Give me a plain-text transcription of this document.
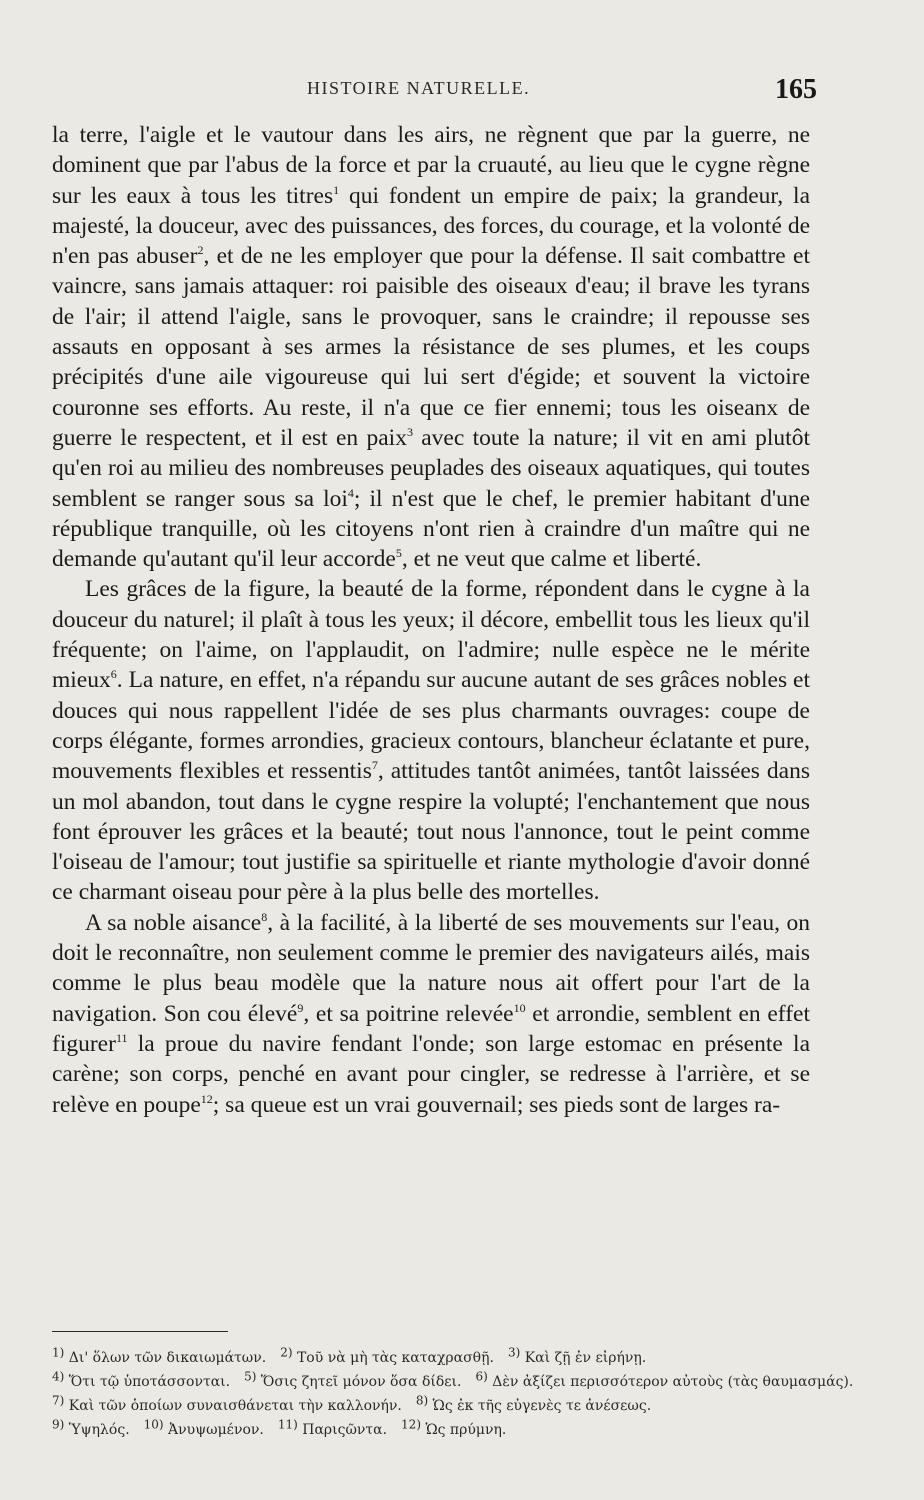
HISTOIRE NATURELLE.	165

la terre, l'aigle et le vautour dans les airs, ne règnent que par la guerre, ne dominent que par l'abus de la force et par la cruauté, au lieu que le cygne règne sur les eaux à tous les titres$^1$ qui fondent un empire de paix; la grandeur, la majesté, la douceur, avec des puissances, des forces, du courage, et la volonté de n'en pas abuser$^2$, et de ne les employer que pour la défense. Il sait combattre et vaincre, sans jamais attaquer: roi paisible des oiseaux d'eau; il brave les tyrans de l'air; il attend l'aigle, sans le provoquer, sans le craindre; il repousse ses assauts en opposant à ses armes la résistance de ses plumes, et les coups précipités d'une aile vigoureuse qui lui sert d'égide; et souvent la victoire couronne ses efforts. Au reste, il n'a que ce fier ennemi; tous les oiseanx de guerre le respectent, et il est en paix$^3$ avec toute la nature; il vit en ami plutôt qu'en roi au milieu des nombreuses peuplades des oiseaux aquatiques, qui toutes semblent se ranger sous sa loi$^4$; il n'est que le chef, le premier habitant d'une république tranquille, où les citoyens n'ont rien à craindre d'un maître qui ne demande qu'autant qu'il leur accorde$^5$, et ne veut que calme et liberté.

Les grâces de la figure, la beauté de la forme, répondent dans le cygne à la douceur du naturel; il plaît à tous les yeux; il décore, embellit tous les lieux qu'il fréquente; on l'aime, on l'applaudit, on l'admire; nulle espèce ne le mérite mieux$^6$. La nature, en effet, n'a répandu sur aucune autant de ses grâces nobles et douces qui nous rappellent l'idée de ses plus charmants ouvrages: coupe de corps élégante, formes arrondies, gracieux contours, blancheur éclatante et pure, mouvements flexibles et ressentis$^7$, attitudes tantôt animées, tantôt laissées dans un mol abandon, tout dans le cygne respire la volupté; l'enchantement que nous font éprouver les grâces et la beauté; tout nous l'annonce, tout le peint comme l'oiseau de l'amour; tout justifie sa spirituelle et riante mythologie d'avoir donné ce charmant oiseau pour père à la plus belle des mortelles.

A sa noble aisance$^8$, à la facilité, à la liberté de ses mouvements sur l'eau, on doit le reconnaître, non seulement comme le premier des navigateurs ailés, mais comme le plus beau modèle que la nature nous ait offert pour l'art de la navigation. Son cou élevé$^9$, et sa poitrine relevée$^{10}$ et arrondie, semblent en effet figurer$^{11}$ la proue du navire fendant l'onde; son large estomac en présente la carène; son corps, penché en avant pour cingler, se redresse à l'arrière, et se relève en poupe$^{12}$; sa queue est un vrai gouvernail; ses pieds sont de larges ra-

$^{1)}$ Δι' ὅλων τῶν δικαιωμάτων. $^{2)}$ Τοῦ νὰ μὴ τὰς καταχρασθῇ. $^{3)}$ Καὶ ζῇ ἐν εἰρήνῃ.
$^{4)}$ Ὅτι τῷ ὑποτάσσονται. $^{5)}$ Ὅσις ζητεῖ μόνον ὅσα δίδει. $^{6)}$ Δὲν ἀξίζει περισσότερον αὐτοὺς (τὰς θαυμασμάς).
$^{7)}$ Καὶ τῶν ὁποίων συναισθάνεται τὴν καλλονήν. $^{8)}$ Ὡς ἐκ τῆς εὐγενὲς τε ἀνέσεως.
$^{9)}$ Ὑψηλός. $^{10)}$ Ἀνυψωμένον. $^{11)}$ Παριςῶντα. $^{12)}$ Ὡς πρύμνη.
